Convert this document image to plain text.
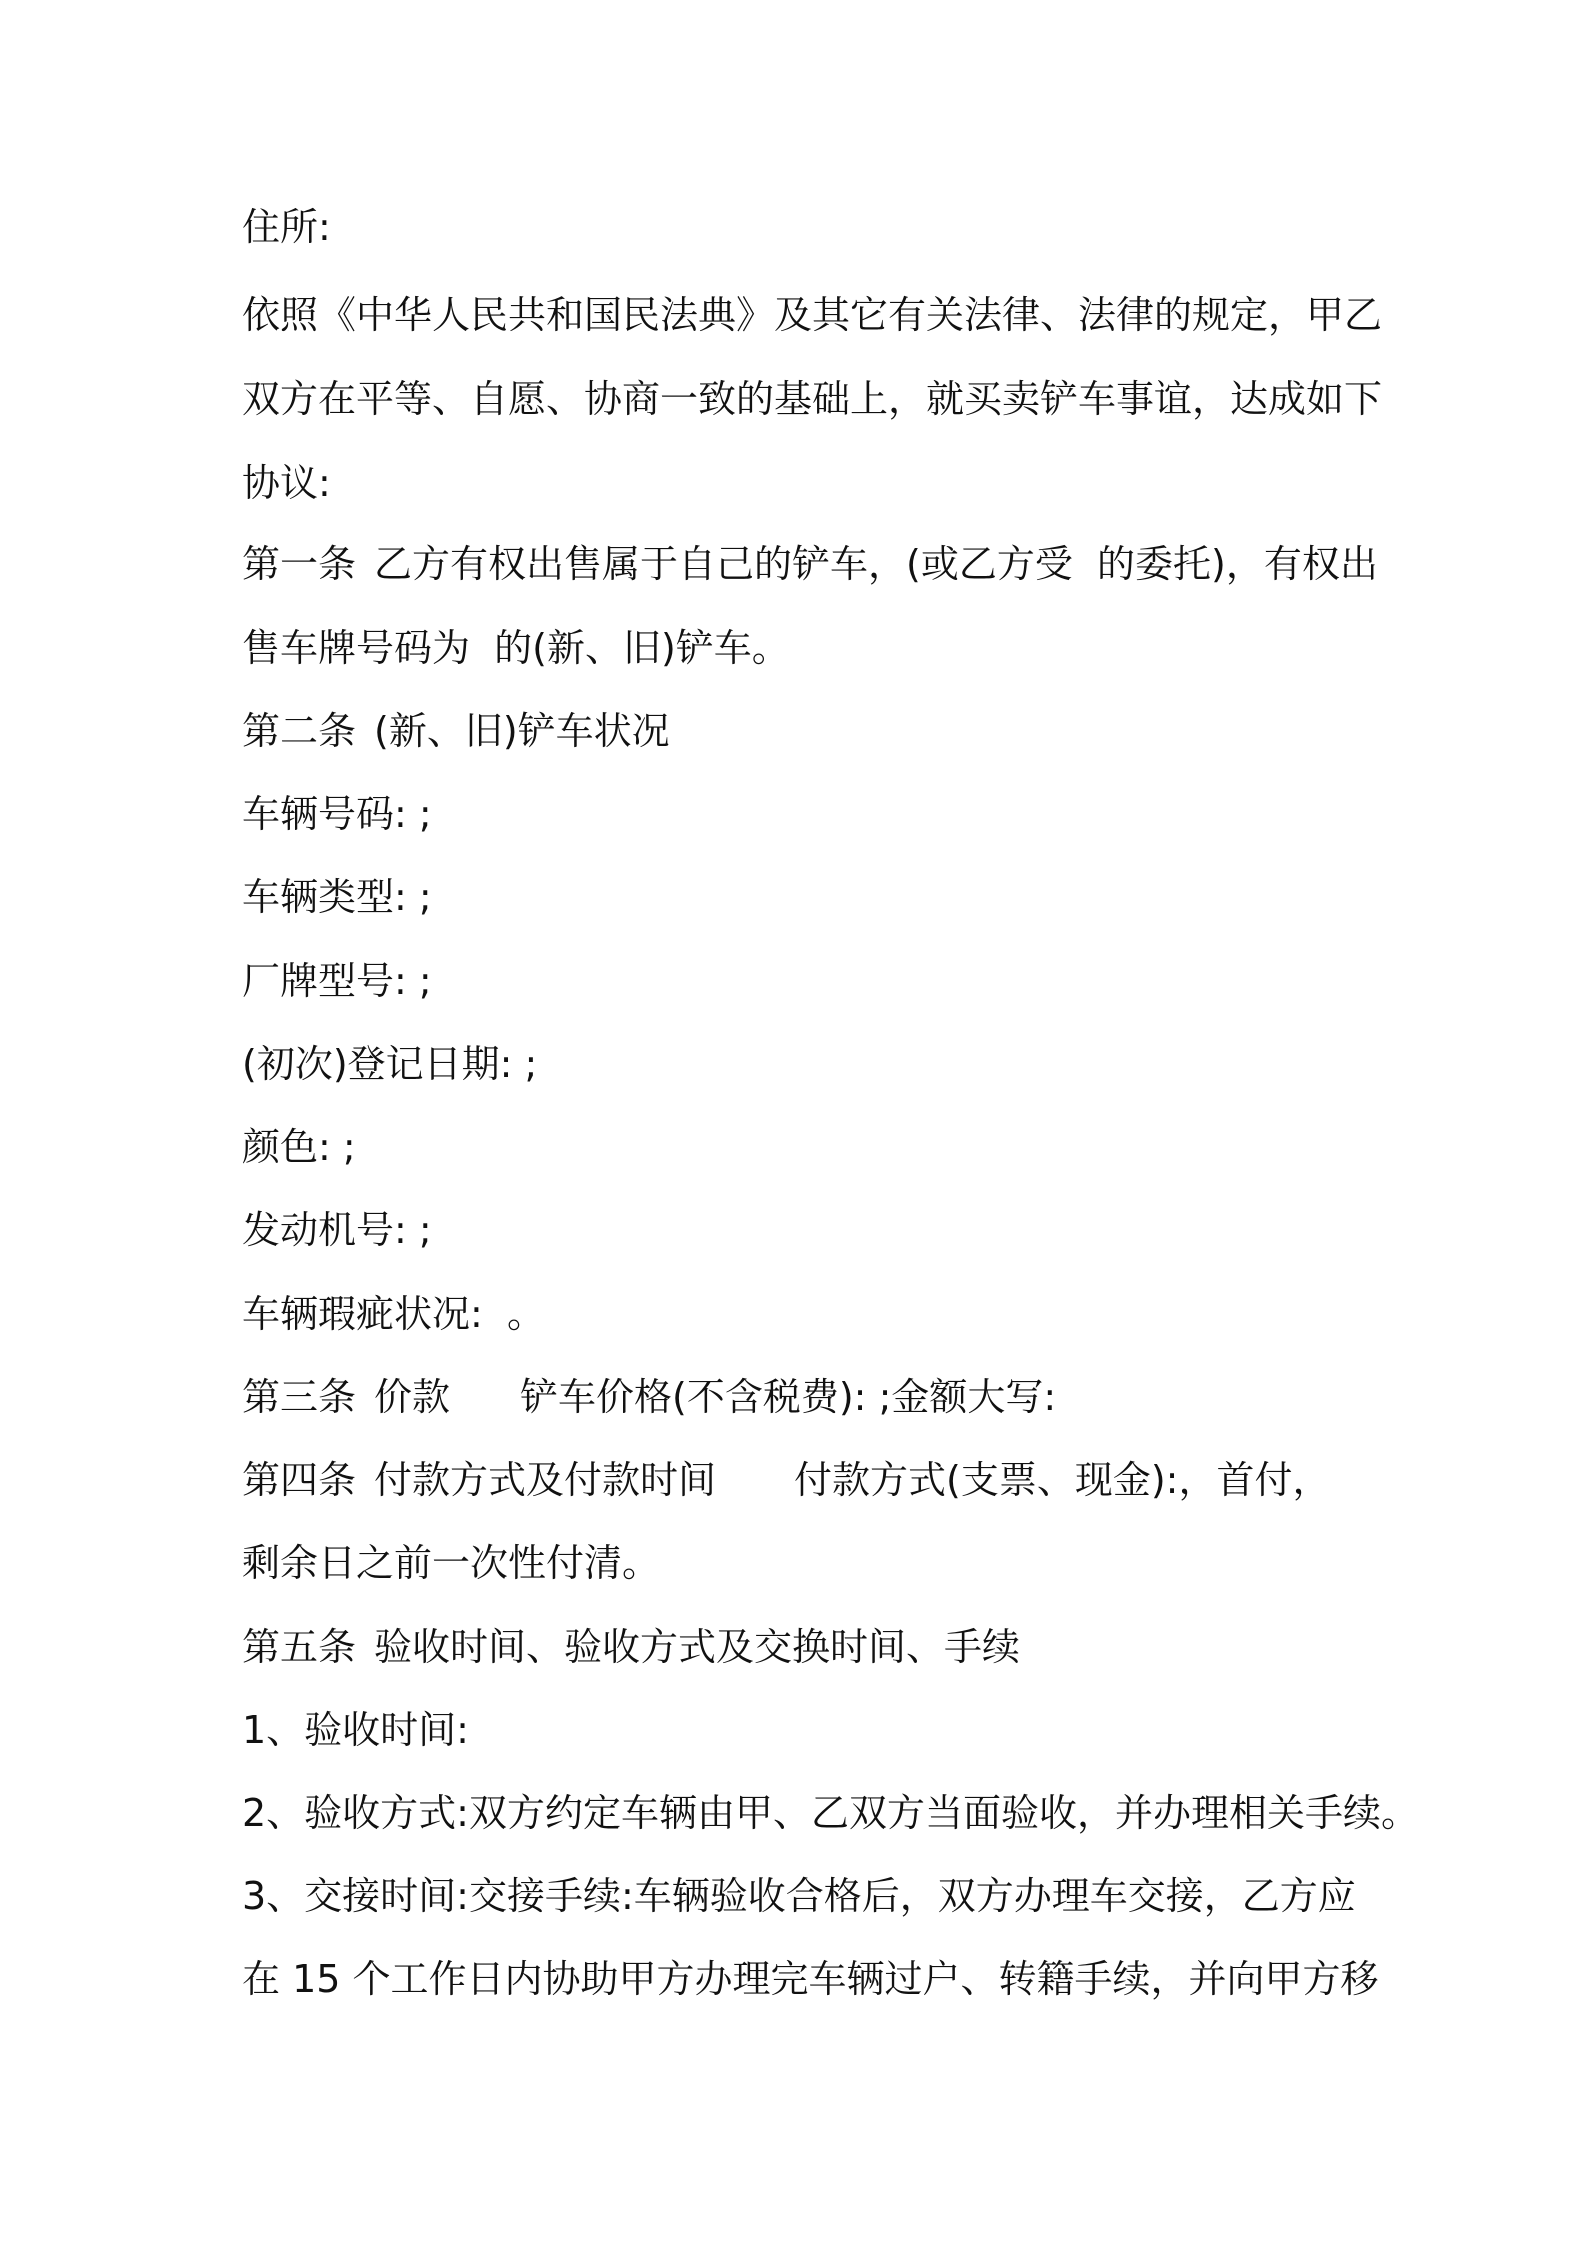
住所:
依照《中华人民共和国民法典》及其它有关法律、法律的规定，甲乙
双方在平等、自愿、协商一致的基础上，就买卖铲车事谊，达成如下
协议:
第一条 乙方有权出售属于自己的铲车，(或乙方受  的委托)，有权出
售车牌号码为  的(新、旧)铲车。
第二条 (新、旧)铲车状况
车辆号码: ;
车辆类型: ;
厂牌型号: ;
(初次)登记日期: ;
颜色: ;
发动机号: ;
车辆瑕疵状况:  。
第三条 价款 铲车价格(不含税费): ;金额大写:
第四条 付款方式及付款时间 付款方式(支票、现金):，首付，
剩余日之前一次性付清。
第五条 验收时间、验收方式及交换时间、手续
1、验收时间:
2、验收方式:双方约定车辆由甲、乙双方当面验收，并办理相关手续。
3、交接时间:交接手续:车辆验收合格后，双方办理车交接，乙方应
在 15 个工作日内协助甲方办理完车辆过户、转籍手续，并向甲方移
